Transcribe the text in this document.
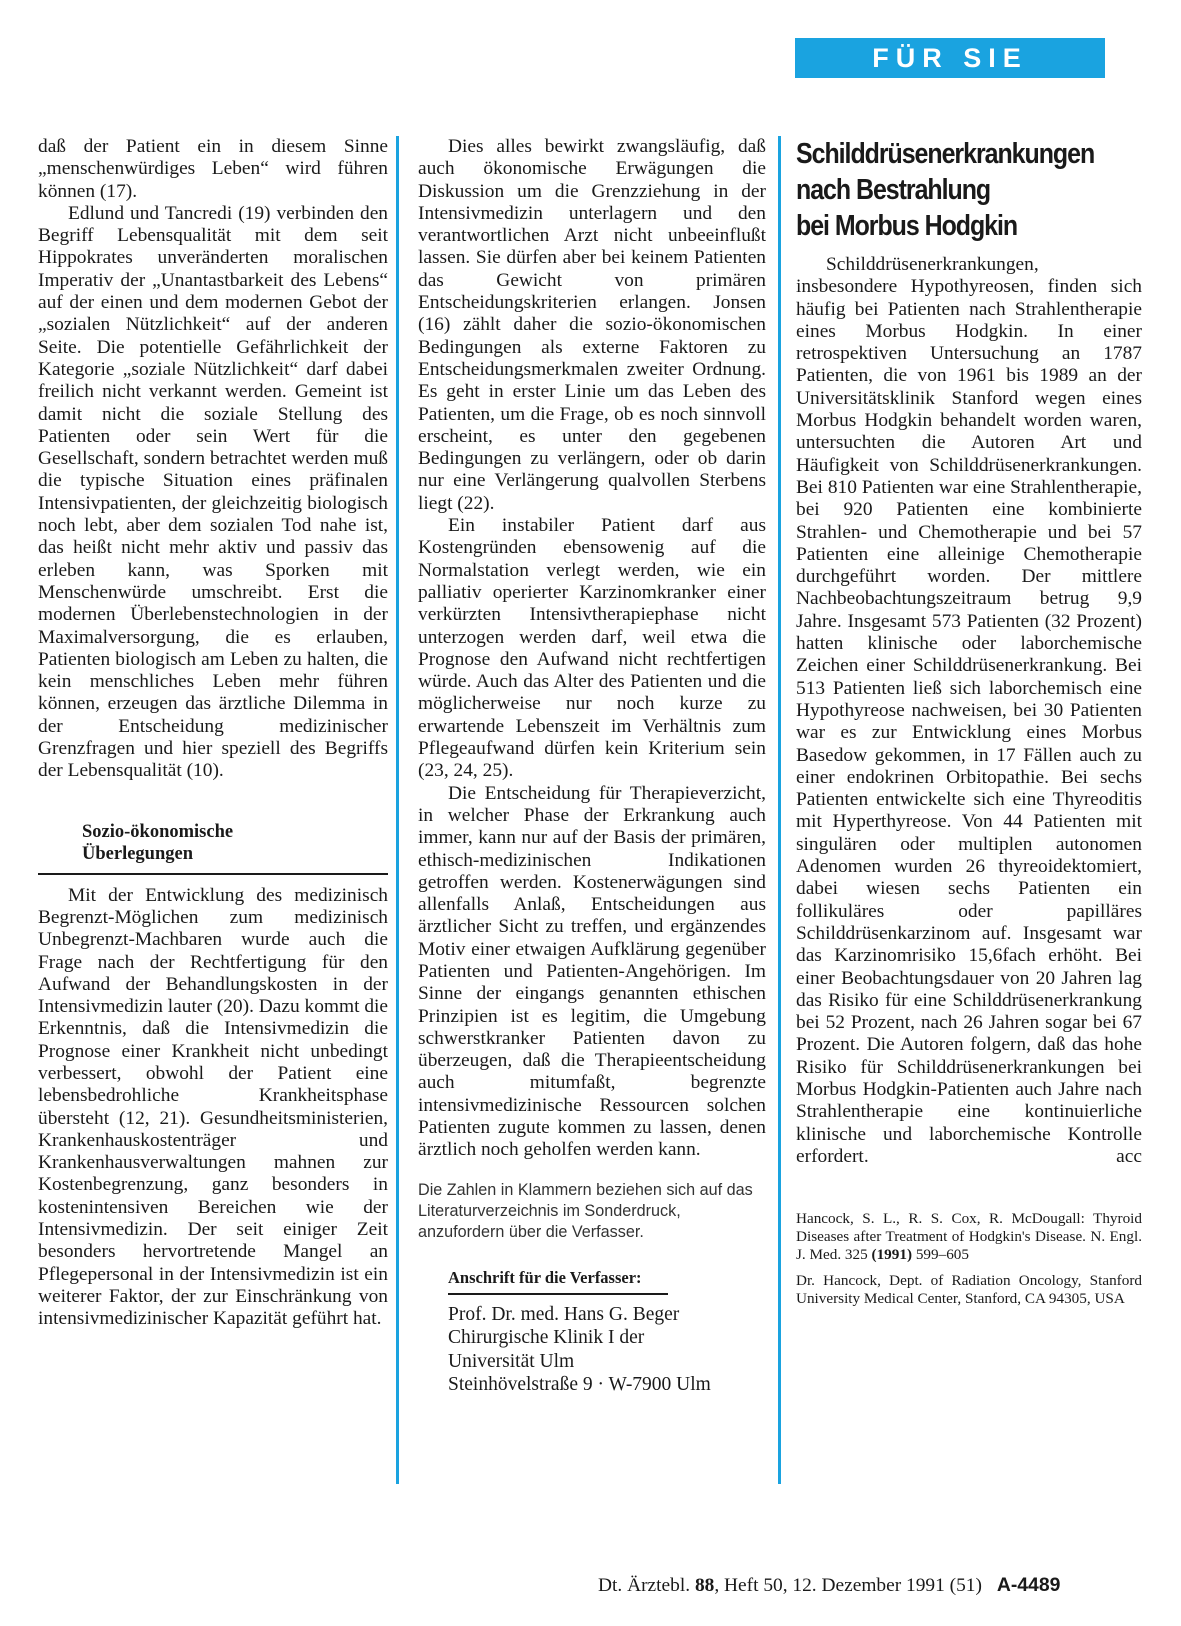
FÜR SIE REFERIERT

daß der Patient ein in diesem Sinne „menschenwürdiges Leben“ wird führen können (17).

Edlund und Tancredi (19) verbinden den Begriff Lebensqualität mit dem seit Hippokrates unveränderten moralischen Imperativ der „Unantastbarkeit des Lebens“ auf der einen und dem modernen Gebot der „sozialen Nützlichkeit“ auf der anderen Seite. Die potentielle Gefährlichkeit der Kategorie „soziale Nützlichkeit“ darf dabei freilich nicht verkannt werden. Gemeint ist damit nicht die soziale Stellung des Patienten oder sein Wert für die Gesellschaft, sondern betrachtet werden muß die typische Situation eines präfinalen Intensivpatienten, der gleichzeitig biologisch noch lebt, aber dem sozialen Tod nahe ist, das heißt nicht mehr aktiv und passiv das erleben kann, was Sporken mit Menschenwürde umschreibt. Erst die modernen Überlebenstechnologien in der Maximalversorgung, die es erlauben, Patienten biologisch am Leben zu halten, die kein menschliches Leben mehr führen können, erzeugen das ärztliche Dilemma in der Entscheidung medizinischer Grenzfragen und hier speziell des Begriffs der Lebensqualität (10).

Sozio-ökonomische
Überlegungen

Mit der Entwicklung des medizinisch Begrenzt-Möglichen zum medizinisch Unbegrenzt-Machbaren wurde auch die Frage nach der Rechtfertigung für den Aufwand der Behandlungskosten in der Intensivmedizin lauter (20). Dazu kommt die Erkenntnis, daß die Intensivmedizin die Prognose einer Krankheit nicht unbedingt verbessert, obwohl der Patient eine lebensbedrohliche Krankheitsphase übersteht (12, 21). Gesundheitsministerien, Krankenhauskostenträger und Krankenhausverwaltungen mahnen zur Kostenbegrenzung, ganz besonders in kostenintensiven Bereichen wie der Intensivmedizin. Der seit einiger Zeit besonders hervortretende Mangel an Pflegepersonal in der Intensivmedizin ist ein weiterer Faktor, der zur Einschränkung von intensivmedizinischer Kapazität geführt hat.

Dies alles bewirkt zwangsläufig, daß auch ökonomische Erwägungen die Diskussion um die Grenzziehung in der Intensivmedizin unterlagern und den verantwortlichen Arzt nicht unbeeinflußt lassen. Sie dürfen aber bei keinem Patienten das Gewicht von primären Entscheidungskriterien erlangen. Jonsen (16) zählt daher die sozio-ökonomischen Bedingungen als externe Faktoren zu Entscheidungsmerkmalen zweiter Ordnung. Es geht in erster Linie um das Leben des Patienten, um die Frage, ob es noch sinnvoll erscheint, es unter den gegebenen Bedingungen zu verlängern, oder ob darin nur eine Verlängerung qualvollen Sterbens liegt (22).

Ein instabiler Patient darf aus Kostengründen ebensowenig auf die Normalstation verlegt werden, wie ein palliativ operierter Karzinomkranker einer verkürzten Intensivtherapiephase nicht unterzogen werden darf, weil etwa die Prognose den Aufwand nicht rechtfertigen würde. Auch das Alter des Patienten und die möglicherweise nur noch kurze zu erwartende Lebenszeit im Verhältnis zum Pflegeaufwand dürfen kein Kriterium sein (23, 24, 25).

Die Entscheidung für Therapieverzicht, in welcher Phase der Erkrankung auch immer, kann nur auf der Basis der primären, ethisch-medizinischen Indikationen getroffen werden. Kostenerwägungen sind allenfalls Anlaß, Entscheidungen aus ärztlicher Sicht zu treffen, und ergänzendes Motiv einer etwaigen Aufklärung gegenüber Patienten und Patienten-Angehörigen. Im Sinne der eingangs genannten ethischen Prinzipien ist es legitim, die Umgebung schwerstkranker Patienten davon zu überzeugen, daß die Therapieentscheidung auch mitumfaßt, begrenzte intensivmedizinische Ressourcen solchen Patienten zugute kommen zu lassen, denen ärztlich noch geholfen werden kann.

Die Zahlen in Klammern beziehen sich auf das Literaturverzeichnis im Sonderdruck, anzufordern über die Verfasser.
Anschrift für die Verfasser:
Prof. Dr. med. Hans G. Beger
Chirurgische Klinik I der
Universität Ulm
Steinhövelstraße 9 · W-7900 Ulm
Schilddrüsenerkrankungen
nach Bestrahlung
bei Morbus Hodgkin

Schilddrüsenerkrankungen, insbesondere Hypothyreosen, finden sich häufig bei Patienten nach Strahlentherapie eines Morbus Hodgkin. In einer retrospektiven Untersuchung an 1787 Patienten, die von 1961 bis 1989 an der Universitätsklinik Stanford wegen eines Morbus Hodgkin behandelt worden waren, untersuchten die Autoren Art und Häufigkeit von Schilddrüsenerkrankungen. Bei 810 Patienten war eine Strahlentherapie, bei 920 Patienten eine kombinierte Strahlen- und Chemotherapie und bei 57 Patienten eine alleinige Chemotherapie durchgeführt worden. Der mittlere Nachbeobachtungszeitraum betrug 9,9 Jahre. Insgesamt 573 Patienten (32 Prozent) hatten klinische oder laborchemische Zeichen einer Schilddrüsenerkrankung. Bei 513 Patienten ließ sich laborchemisch eine Hypothyreose nachweisen, bei 30 Patienten war es zur Entwicklung eines Morbus Basedow gekommen, in 17 Fällen auch zu einer endokrinen Orbitopathie. Bei sechs Patienten entwickelte sich eine Thyreoditis mit Hyperthyreose. Von 44 Patienten mit singulären oder multiplen autonomen Adenomen wurden 26 thyreoidektomiert, dabei wiesen sechs Patienten ein follikuläres oder papilläres Schilddrüsenkarzinom auf. Insgesamt war das Karzinomrisiko 15,6fach erhöht. Bei einer Beobachtungsdauer von 20 Jahren lag das Risiko für eine Schilddrüsenerkrankung bei 52 Prozent, nach 26 Jahren sogar bei 67 Prozent. Die Autoren folgern, daß das hohe Risiko für Schilddrüsenerkrankungen bei Morbus Hodgkin-Patienten auch Jahre nach Strahlentherapie eine kontinuierliche klinische und laborchemische Kontrolle erfordert.	acc

Hancock, S. L., R. S. Cox, R. McDougall: Thyroid Diseases after Treatment of Hodgkin's Disease. N. Engl. J. Med. 325 (1991) 599–605

Dr. Hancock, Dept. of Radiation Oncology, Stanford University Medical Center, Stanford, CA 94305, USA

Dt. Ärztebl. 88, Heft 50, 12. Dezember 1991 (51) A-4489
